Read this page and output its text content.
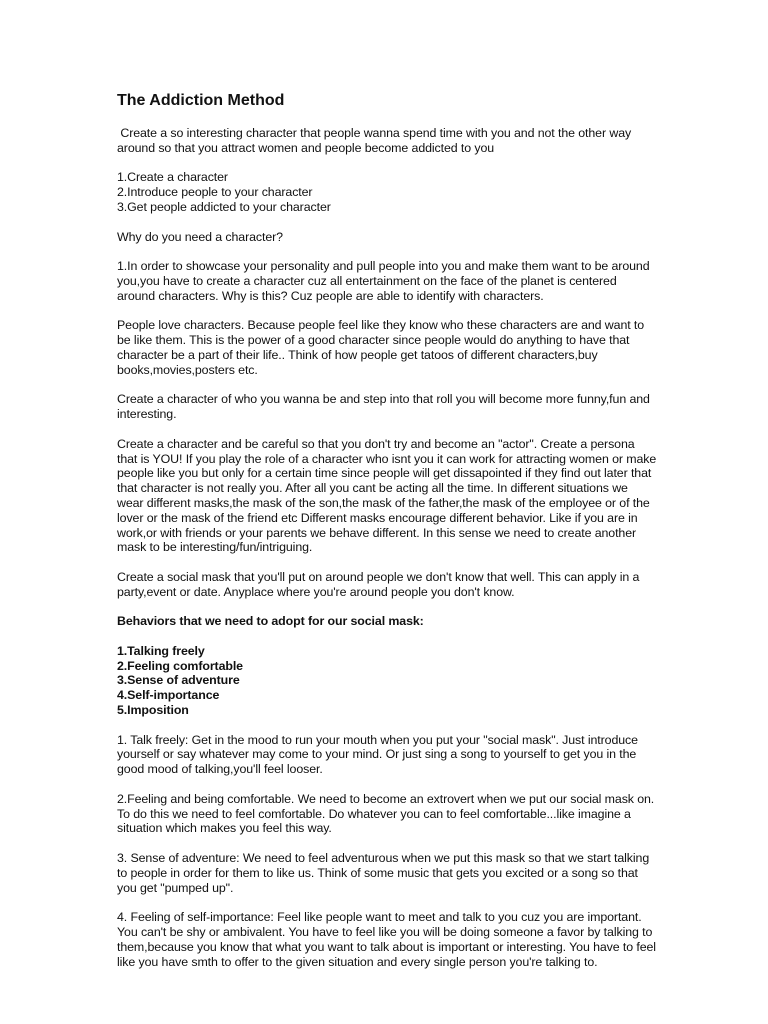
The Addiction Method

Create a so interesting character that people wanna spend time with you and not the other way around so that you attract women and people become addicted to you

1.Create a character
2.Introduce people to your character
3.Get people addicted to your character

Why do you need a character?

1.In order to showcase your personality and pull people into you and make them want to be around you,you have to create a character cuz all entertainment on the face of the planet is centered around characters. Why is this? Cuz people are able to identify with characters.

People love characters. Because people feel like they know who these characters are and want to be like them. This is the power of a good character since people would do anything to have that character be a part of their life.. Think of how people get tatoos of different characters,buy books,movies,posters etc.

Create a character of who you wanna be and step into that roll you will become more funny,fun and interesting.

Create a character and be careful so that you don't try and become an "actor". Create a persona that is YOU! If you play the role of a character who isnt you it can work for attracting women or make people like you but only for a certain time since people will get dissapointed if they find out later that that character is not really you. After all you cant be acting all the time. In different situations we wear different masks,the mask of the son,the mask of the father,the mask of the employee or of the lover or the mask of the friend etc Different masks encourage different behavior. Like if you are in work,or with friends or your parents we behave different. In this sense we need to create another mask to be interesting/fun/intriguing.

Create a social mask that you'll put on around people we don't know that well. This can apply in a party,event or date. Anyplace where you're around people you don't know.

Behaviors that we need to adopt for our social mask:

1.Talking freely
2.Feeling comfortable
3.Sense of adventure
4.Self-importance
5.Imposition

1. Talk freely: Get in the mood to run your mouth when you put your "social mask". Just introduce yourself or say whatever may come to your mind. Or just sing a song to yourself to get you in the good mood of talking,you'll feel looser.

2.Feeling and being comfortable. We need to become an extrovert when we put our social mask on. To do this we need to feel comfortable. Do whatever you can to feel comfortable...like imagine a situation which makes you feel this way.

3. Sense of adventure: We need to feel adventurous when we put this mask so that we start talking to people in order for them to like us. Think of some music that gets you excited or a song so that you get "pumped up".

4. Feeling of self-importance: Feel like people want to meet and talk to you cuz you are important. You can't be shy or ambivalent. You have to feel like you will be doing someone a favor by talking to them,because you know that what you want to talk about is important or interesting. You have to feel like you have smth to offer to the given situation and every single person you're talking to.
